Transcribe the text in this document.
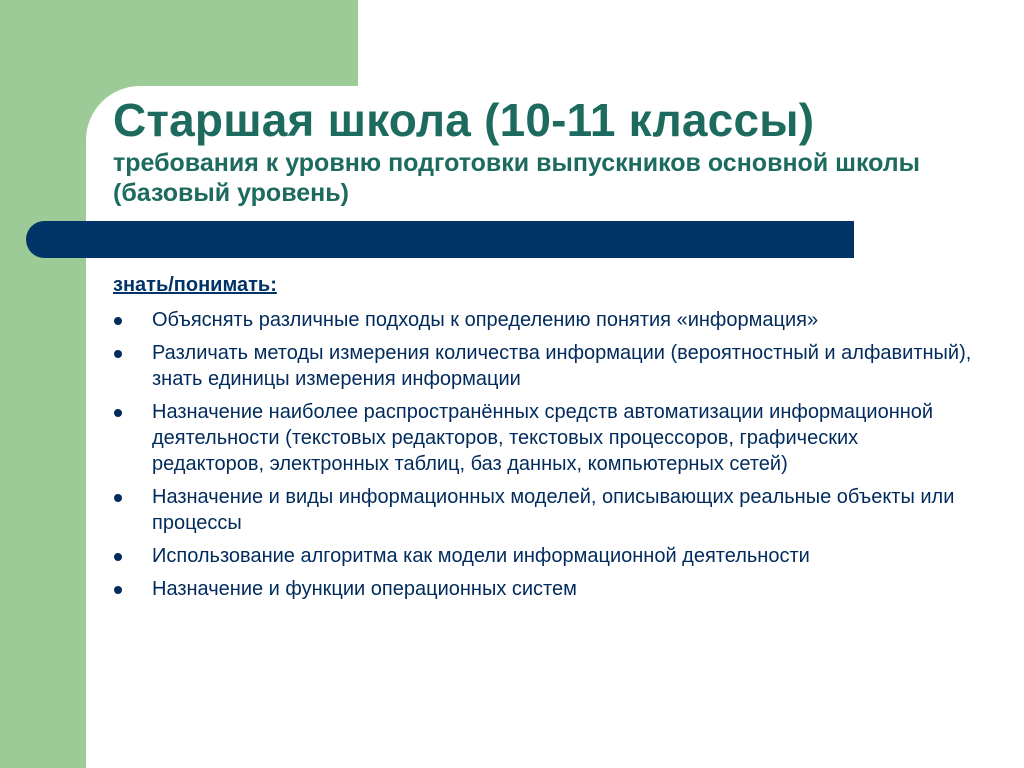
Старшая школа (10-11 классы)

требования к уровню подготовки выпускников основной школы (базовый уровень)

знать/понимать:

Объяснять различные подходы к определению понятия «информация»
Различать методы измерения количества информации (вероятностный и алфавитный), знать единицы измерения информации
Назначение наиболее распространённых средств автоматизации информационной деятельности (текстовых редакторов, текстовых процессоров, графических редакторов, электронных таблиц, баз данных, компьютерных сетей)
Назначение и виды информационных моделей, описывающих реальные объекты или процессы
Использование алгоритма как модели информационной деятельности
Назначение и функции операционных систем
